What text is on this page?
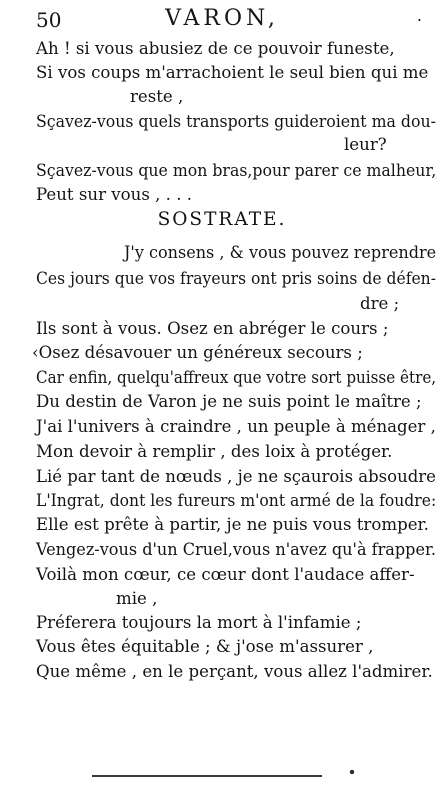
50	VARON,	.
Ah ! si vous abusiez de ce pouvoir funeste,
Si vos coups m'arrachoient le seul bien qui me
reste ,
Sçavez-vous quels transports guideroient ma dou-
leur?
Sçavez-vous que mon bras,pour parer ce malheur,
Peut sur vous , . . .
SOSTRATE.
J'y consens , & vous pouvez reprendre
Ces jours que vos frayeurs ont pris soins de défen-
dre ;
Ils sont à vous. Osez en abréger le cours ;
‹Osez désavouer un généreux secours ;
Car enfin, quelqu'affreux que votre sort puisse être,
Du destin de Varon je ne suis point le maître ;
J'ai l'univers à craindre , un peuple à ménager ,
Mon devoir à remplir , des loix à protéger.
Lié par tant de nœuds , je ne sçaurois absoudre
L'Ingrat, dont les fureurs m'ont armé de la foudre:
Elle est prête à partir, je ne puis vous tromper.
Vengez-vous d'un Cruel,vous n'avez qu'à frapper.
Voilà mon cœur, ce cœur dont l'audace affer-
mie ,
Préferera toujours la mort à l'infamie ;
Vous êtes équitable ; & j'ose m'assurer ,
Que même , en le perçant, vous allez l'admirer.
